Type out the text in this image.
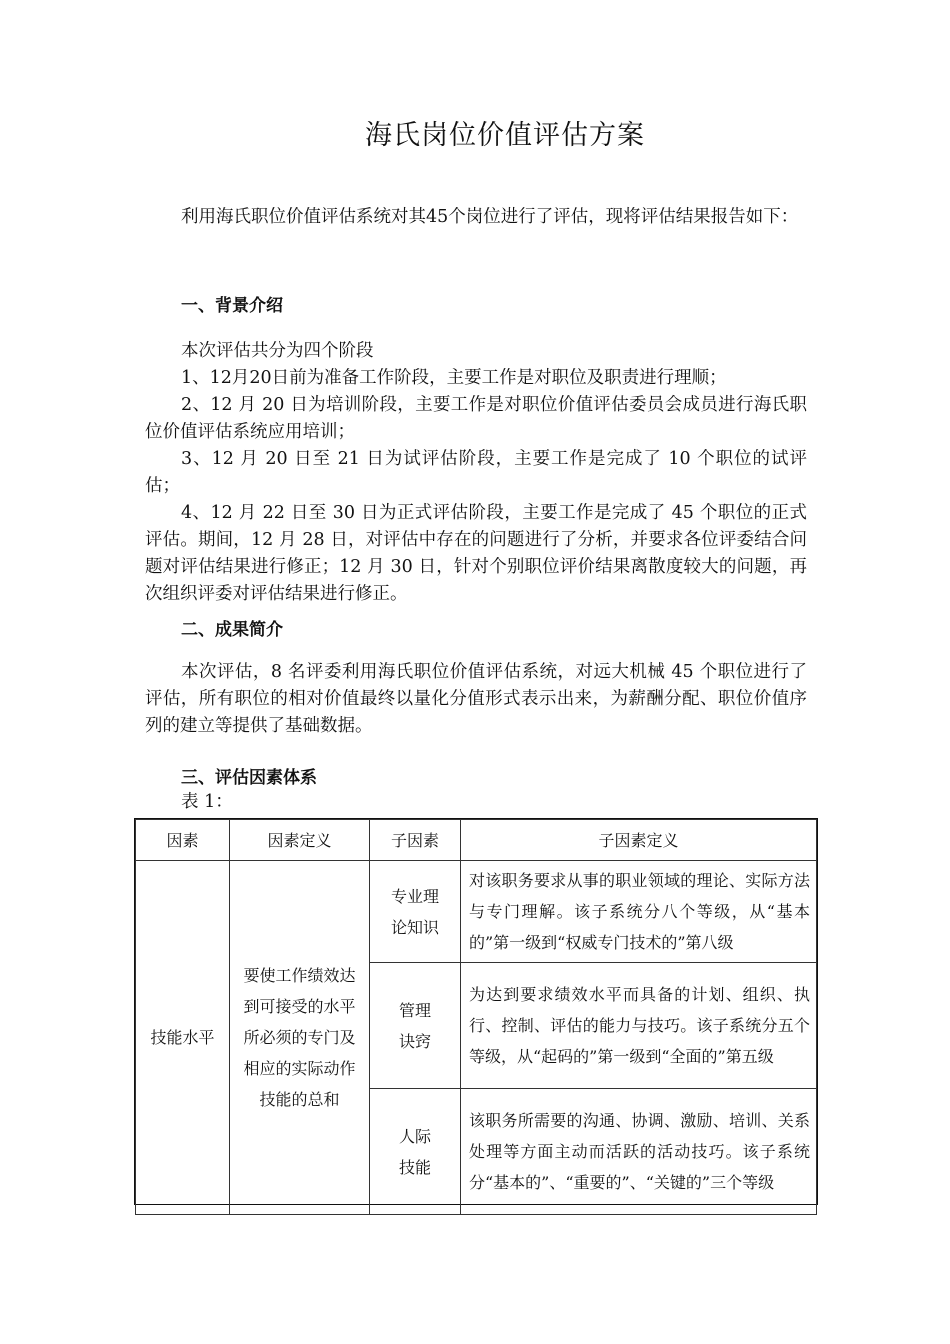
海氏岗位价值评估方案

利用海氏职位价值评估系统对其45个岗位进行了评估，现将评估结果报告如下：

一、背景介绍
本次评估共分为四个阶段
1、12月20日前为准备工作阶段，主要工作是对职位及职责进行理顺；
2、12 月 20 日为培训阶段，主要工作是对职位价值评估委员会成员进行海氏职位价值评估系统应用培训；
3、12 月 20 日至 21 日为试评估阶段，主要工作是完成了 10 个职位的试评估；
4、12 月 22 日至 30 日为正式评估阶段，主要工作是完成了 45 个职位的正式评估。期间，12 月 28 日，对评估中存在的问题进行了分析，并要求各位评委结合问题对评估结果进行修正；12 月 30 日，针对个别职位评价结果离散度较大的问题，再次组织评委对评估结果进行修正。
二、成果简介

本次评估，8 名评委利用海氏职位价值评估系统，对远大机械 45 个职位进行了评估，所有职位的相对价值最终以量化分值形式表示出来，为薪酬分配、职位价值序列的建立等提供了基础数据。

三、评估因素体系
表 1：
因素	因素定义	子因素	子因素定义
技能水平	要使工作绩效达
到可接受的水平
所必须的专门及
相应的实际动作
技能的总和	专业理
论知识	对该职务要求从事的职业领域的理论、实际方法与专门理解。该子系统分八个等级，从“基本的”第一级到“权威专门技术的”第八级

		管理
诀窍	为达到要求绩效水平而具备的计划、组织、执行、控制、评估的能力与技巧。该子系统分五个等级，从“起码的”第一级到“全面的”第五级

		人际
技能	该职务所需要的沟通、协调、激励、培训、关系处理等方面主动而活跃的活动技巧。该子系统分“基本的”、“重要的”、“关键的”三个等级
